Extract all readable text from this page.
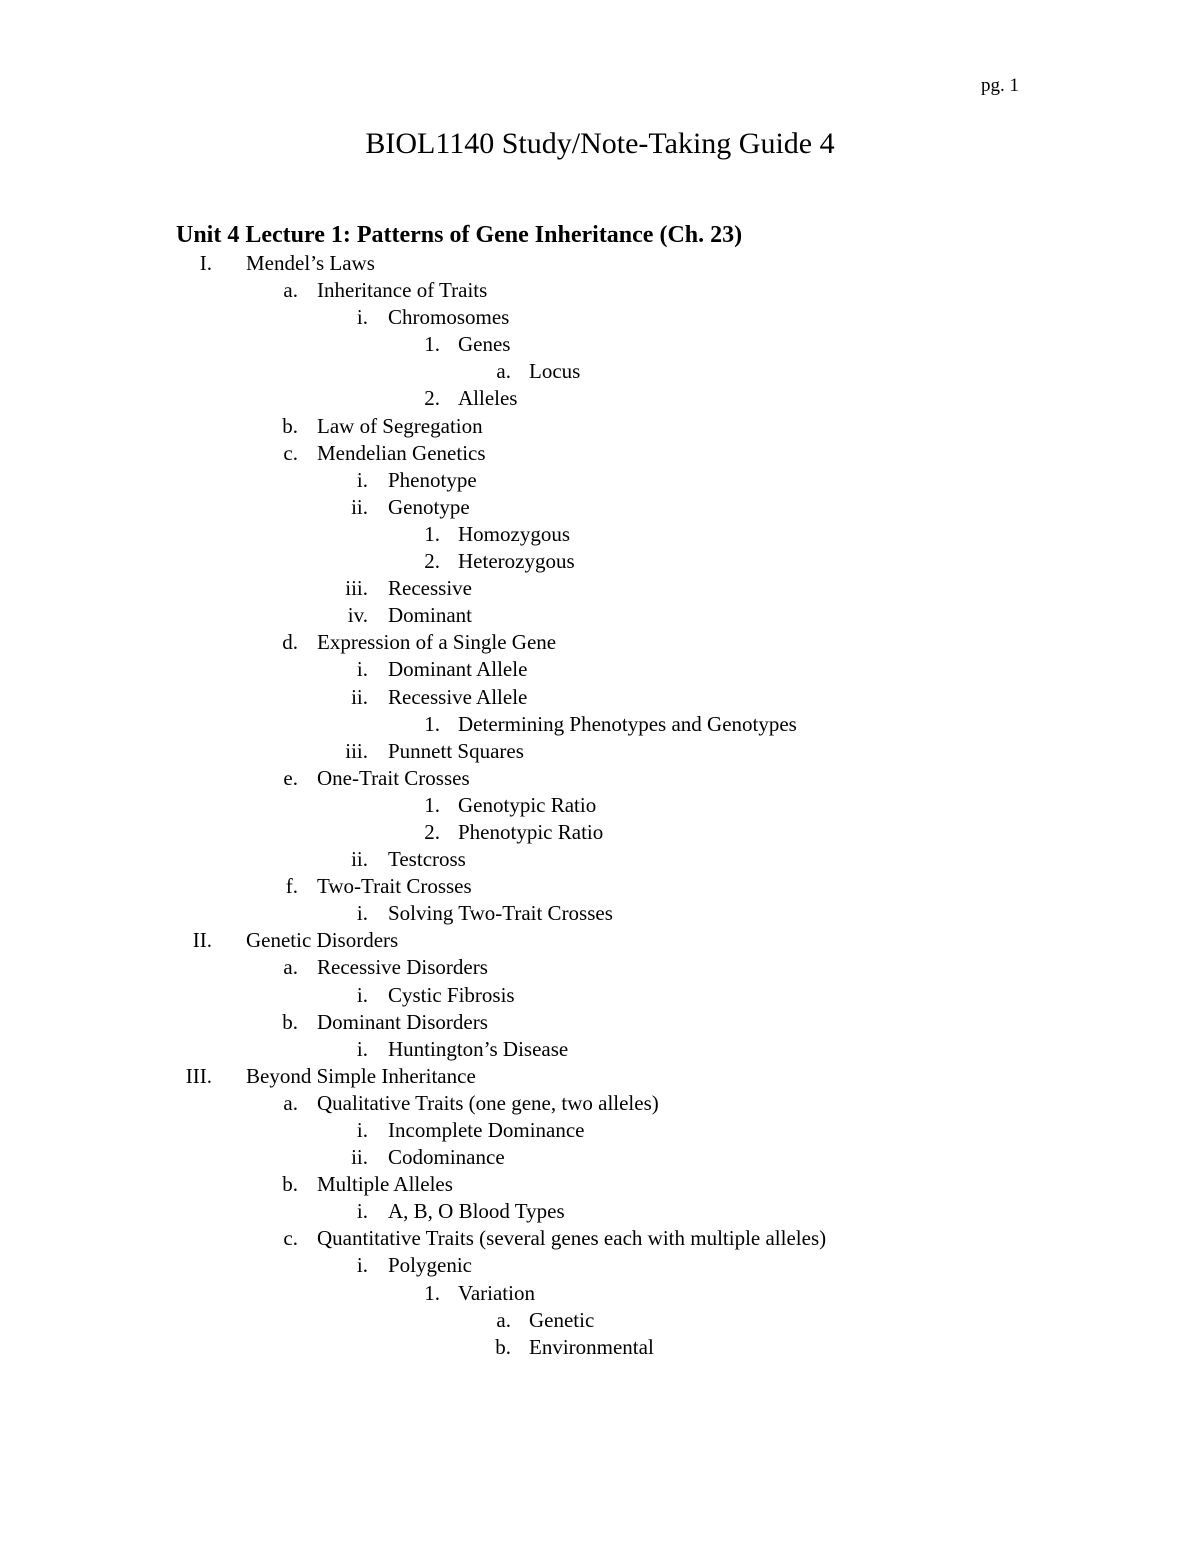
pg. 1
BIOL1140 Study/Note-Taking Guide 4
Unit 4 Lecture 1: Patterns of Gene Inheritance (Ch. 23)
I. Mendel’s Laws
a. Inheritance of Traits
i. Chromosomes
1. Genes
a. Locus
2. Alleles
b. Law of Segregation
c. Mendelian Genetics
i. Phenotype
ii. Genotype
1. Homozygous
2. Heterozygous
iii. Recessive
iv. Dominant
d. Expression of a Single Gene
i. Dominant Allele
ii. Recessive Allele
1. Determining Phenotypes and Genotypes
iii. Punnett Squares
e. One-Trait Crosses
1. Genotypic Ratio
2. Phenotypic Ratio
ii. Testcross
f. Two-Trait Crosses
i. Solving Two-Trait Crosses
II. Genetic Disorders
a. Recessive Disorders
i. Cystic Fibrosis
b. Dominant Disorders
i. Huntington’s Disease
III. Beyond Simple Inheritance
a. Qualitative Traits (one gene, two alleles)
i. Incomplete Dominance
ii. Codominance
b. Multiple Alleles
i. A, B, O Blood Types
c. Quantitative Traits (several genes each with multiple alleles)
i. Polygenic
1. Variation
a. Genetic
b. Environmental
